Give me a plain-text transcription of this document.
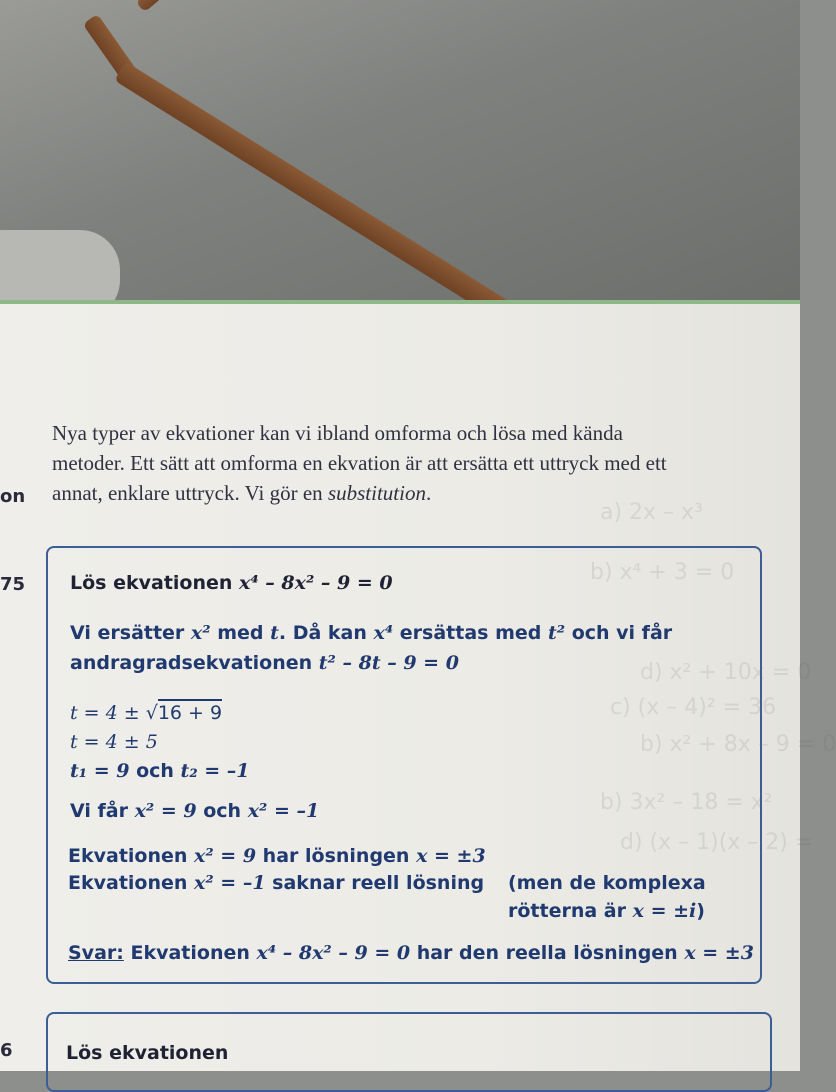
a) 2x – x³
b) x⁴ + 3 = 0
d) x² + 10x = 0
c) (x – 4)² = 36
b) x² + 8x – 9 = 0
b) 3x² – 18 = x²
d) (x – 1)(x – 2) =
on
Nya typer av ekvationer kan vi ibland omforma och lösa med kända
metoder. Ett sätt att omforma en ekvation är att ersätta ett uttryck med ett
annat, enklare uttryck. Vi gör en substitution.
75 Lös ekvationen x⁴ – 8x² – 9 = 0
Vi ersätter x² med t. Då kan x⁴ ersättas med t² och vi får
andragradsekvationen t² – 8t – 9 = 0
t = 4 ± √16 + 9
t = 4 ± 5
t₁ = 9 och t₂ = –1
Vi får x² = 9 och x² = –1
Ekvationen x² = 9 har lösningen x = ±3
Ekvationen x² = –1 saknar reell lösning (men de komplexa
rötterna är x = ±i)
Svar: Ekvationen x⁴ – 8x² – 9 = 0 har den reella lösningen x = ±3
6	Lös ekvationen
